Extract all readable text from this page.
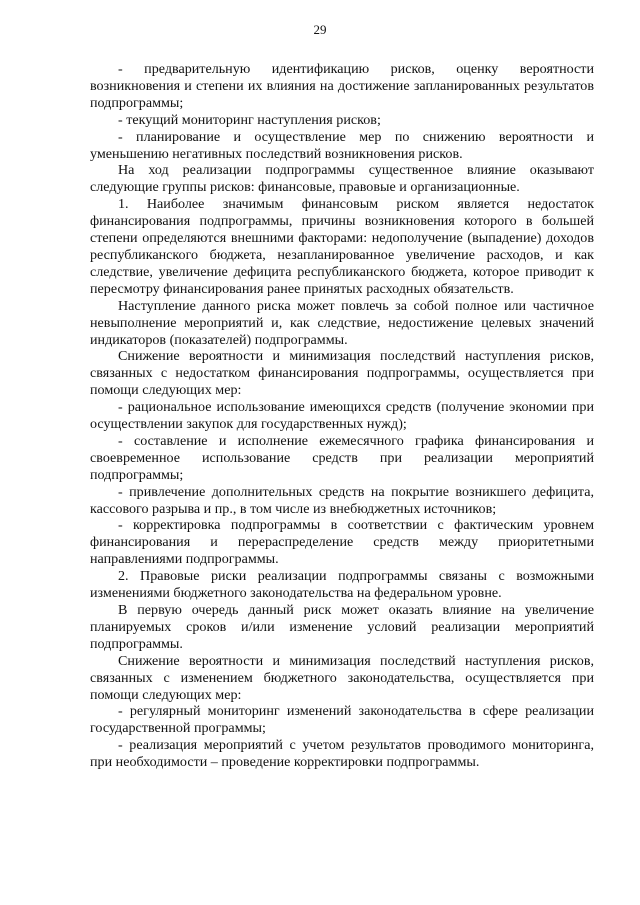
29

- предварительную идентификацию рисков, оценку вероятности возникновения и степени их влияния на достижение запланированных результатов подпрограммы;

- текущий мониторинг наступления рисков;

- планирование и осуществление мер по снижению вероятности и уменьшению негативных последствий возникновения рисков.

На ход реализации подпрограммы существенное влияние оказывают следующие группы рисков: финансовые, правовые и организационные.

1. Наиболее значимым финансовым риском является недостаток финансирования подпрограммы, причины возникновения которого в большей степени определяются внешними факторами: недополучение (выпадение) доходов республиканского бюджета, незапланированное увеличение расходов, и как следствие, увеличение дефицита республиканского бюджета, которое приводит к пересмотру финансирования ранее принятых расходных обязательств.

Наступление данного риска может повлечь за собой полное или частичное невыполнение мероприятий и, как следствие, недостижение целевых значений индикаторов (показателей) подпрограммы.

Снижение вероятности и минимизация последствий наступления рисков, связанных с недостатком финансирования подпрограммы, осуществляется при помощи следующих мер:

- рациональное использование имеющихся средств (получение экономии при осуществлении закупок для государственных нужд);

- составление и исполнение ежемесячного графика финансирования и своевременное использование средств при реализации мероприятий подпрограммы;

- привлечение дополнительных средств на покрытие возникшего дефицита, кассового разрыва и пр., в том числе из внебюджетных источников;

- корректировка подпрограммы в соответствии с фактическим уровнем финансирования и перераспределение средств между приоритетными направлениями подпрограммы.

2. Правовые риски реализации подпрограммы связаны с возможными изменениями бюджетного законодательства на федеральном уровне.

В первую очередь данный риск может оказать влияние на увеличение планируемых сроков и/или изменение условий реализации мероприятий подпрограммы.

Снижение вероятности и минимизация последствий наступления рисков, связанных с изменением бюджетного законодательства, осуществляется при помощи следующих мер:

- регулярный мониторинг изменений законодательства в сфере реализации государственной программы;

- реализация мероприятий с учетом результатов проводимого мониторинга, при необходимости – проведение корректировки подпрограммы.
